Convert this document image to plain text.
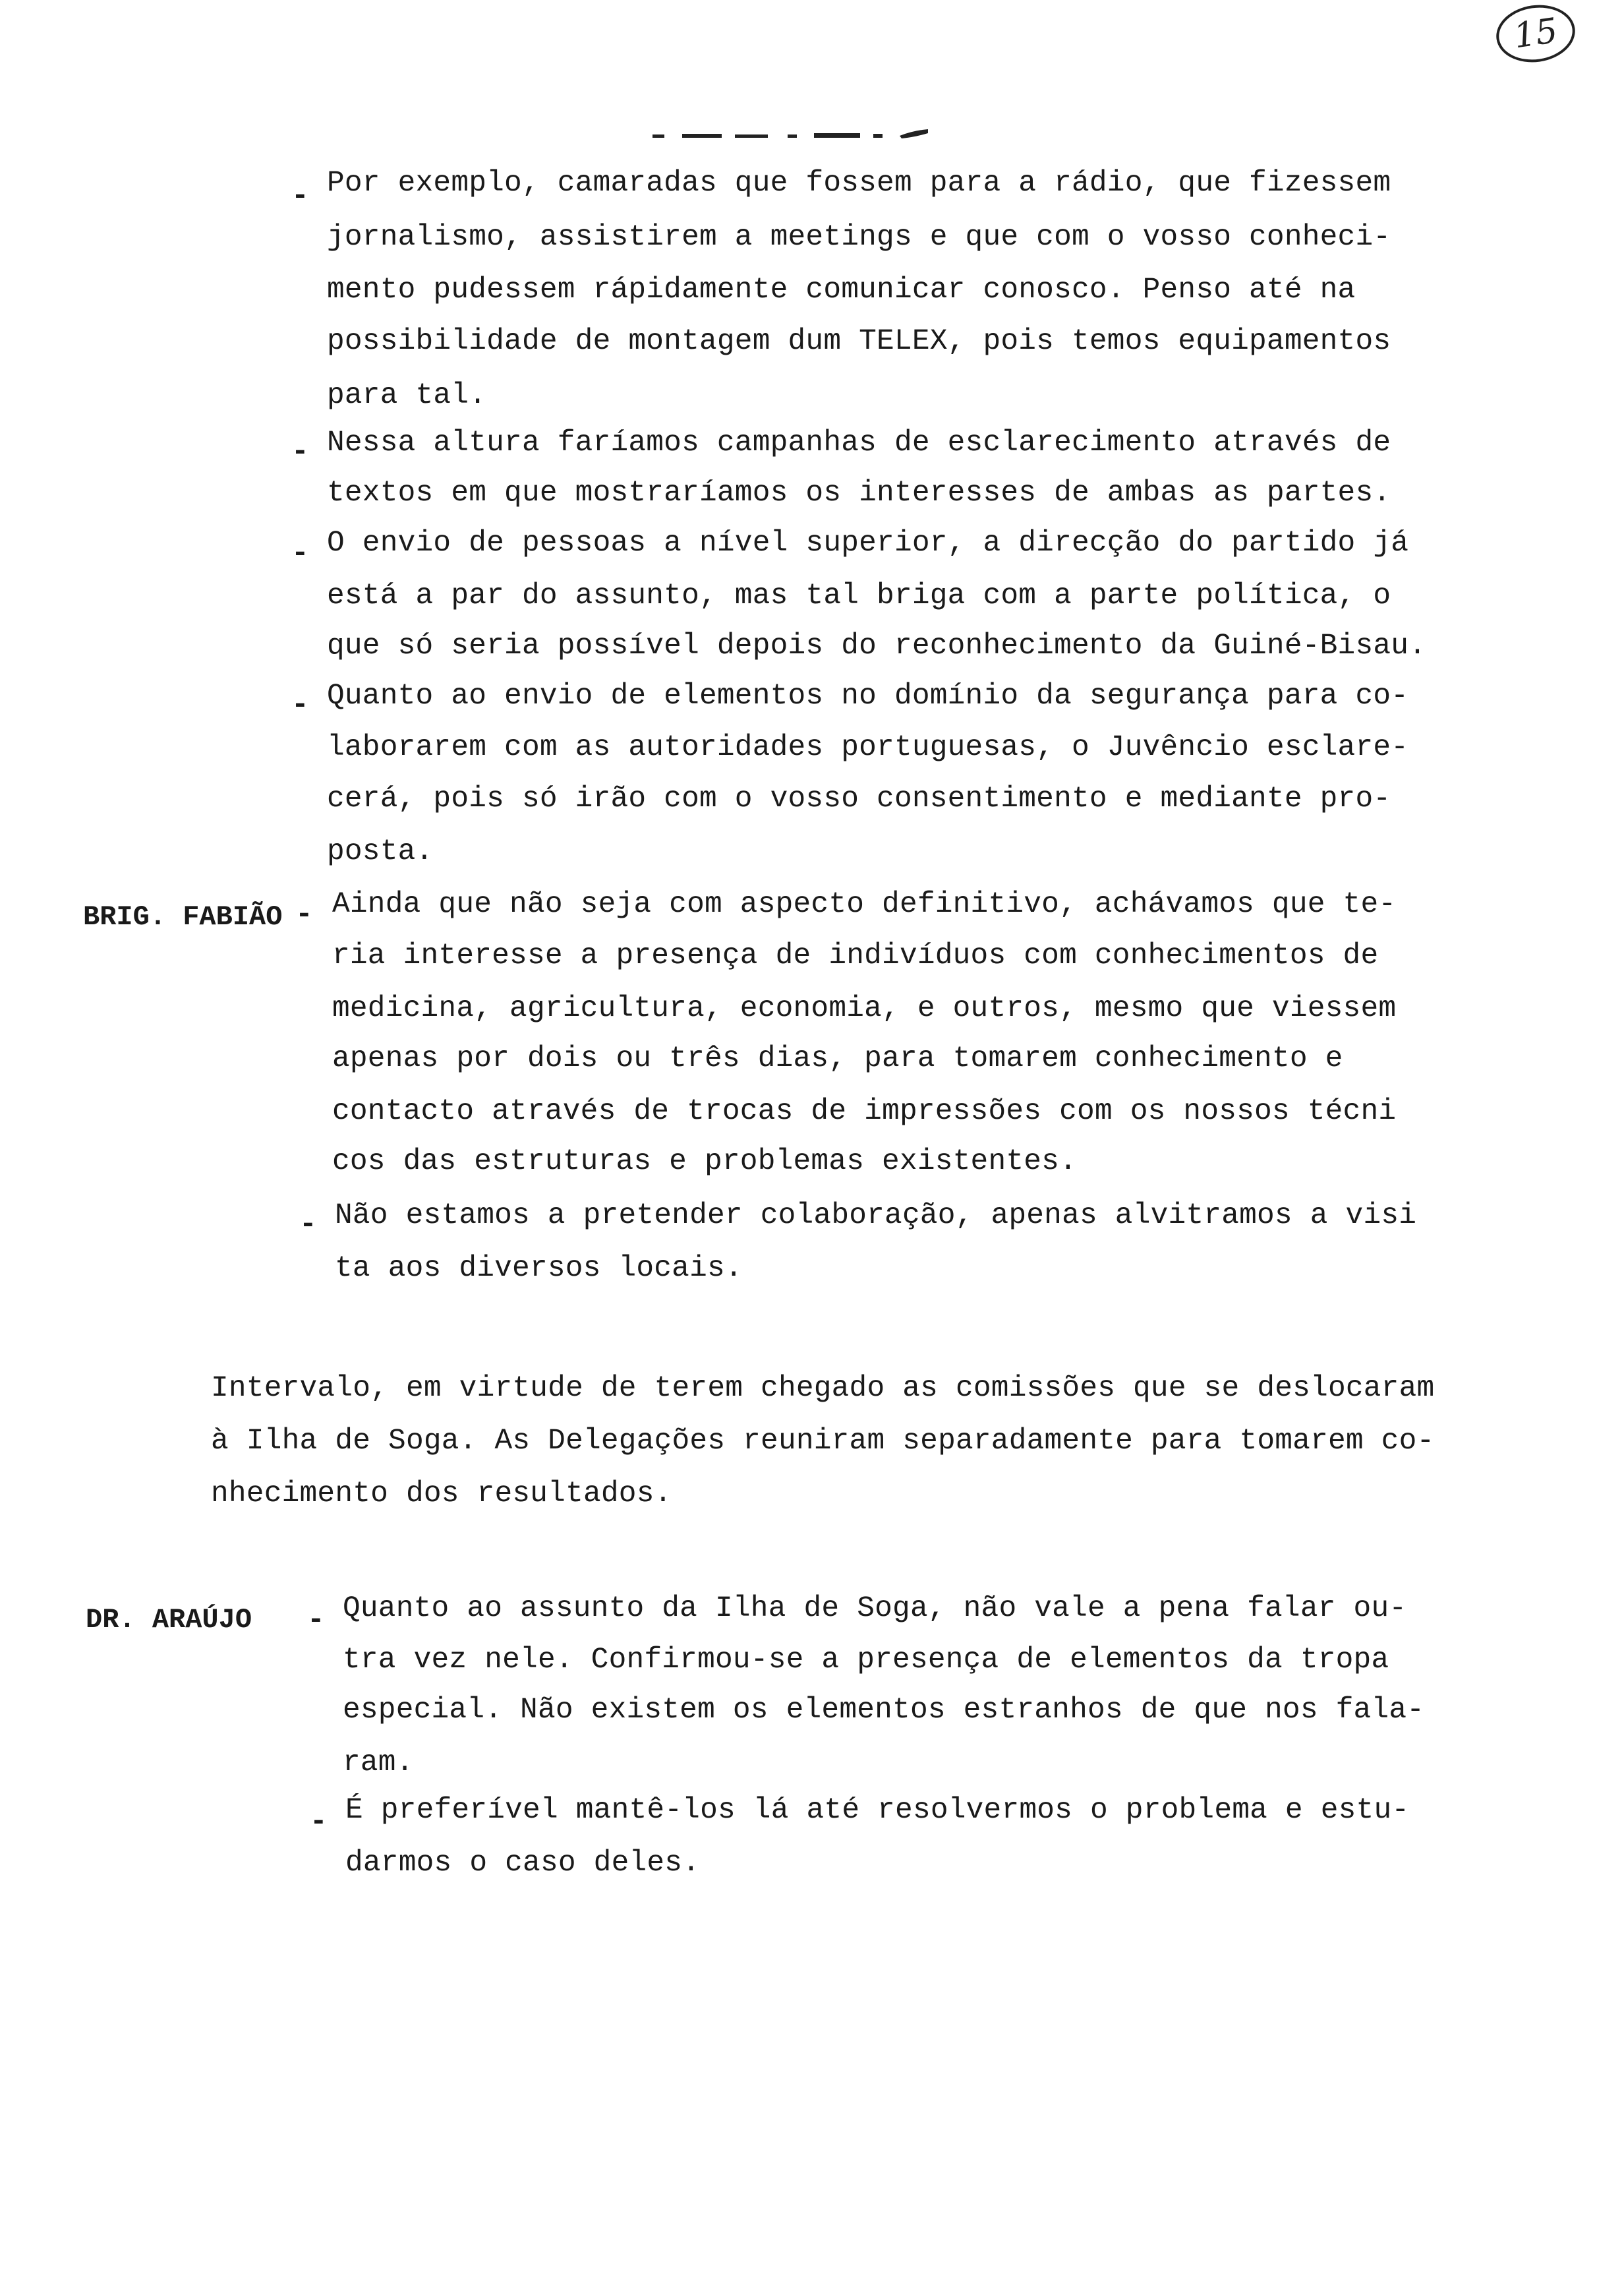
15
- Por exemplo, camaradas que fossem para a rádio, que fizessem
jornalismo, assistirem a meetings e que com o vosso conheci-
mento pudessem rápidamente comunicar conosco. Penso até na
possibilidade de montagem dum TELEX, pois temos equipamentos
para tal.
- Nessa altura faríamos campanhas de esclarecimento através de
textos em que mostraríamos os interesses de ambas as partes.
- O envio de pessoas a nível superior, a direcção do partido já
está a par do assunto, mas tal briga com a parte política, o
que só seria possível depois do reconhecimento da Guiné-Bisau.
- Quanto ao envio de elementos no domínio da segurança para co-
laborarem com as autoridades portuguesas, o Juvêncio esclare-
cerá, pois só irão com o vosso consentimento e mediante pro-
posta.
BRIG. FABIÃO - Ainda que não seja com aspecto definitivo, achávamos que te-
ria interesse a presença de indivíduos com conhecimentos de
medicina, agricultura, economia, e outros, mesmo que viessem
apenas por dois ou três dias, para tomarem conhecimento e
contacto através de trocas de impressões com os nossos técni
cos das estruturas e problemas existentes.
- Não estamos a pretender colaboração, apenas alvitramos a visi
ta aos diversos locais.
Intervalo, em virtude de terem chegado as comissões que se deslocaram
à Ilha de Soga. As Delegações reuniram separadamente para tomarem co-
nhecimento dos resultados.
DR. ARAÚJO - Quanto ao assunto da Ilha de Soga, não vale a pena falar ou-
tra vez nele. Confirmou-se a presença de elementos da tropa
especial. Não existem os elementos estranhos de que nos fala-
ram.
- É preferível mantê-los lá até resolvermos o problema e estu-
darmos o caso deles.
